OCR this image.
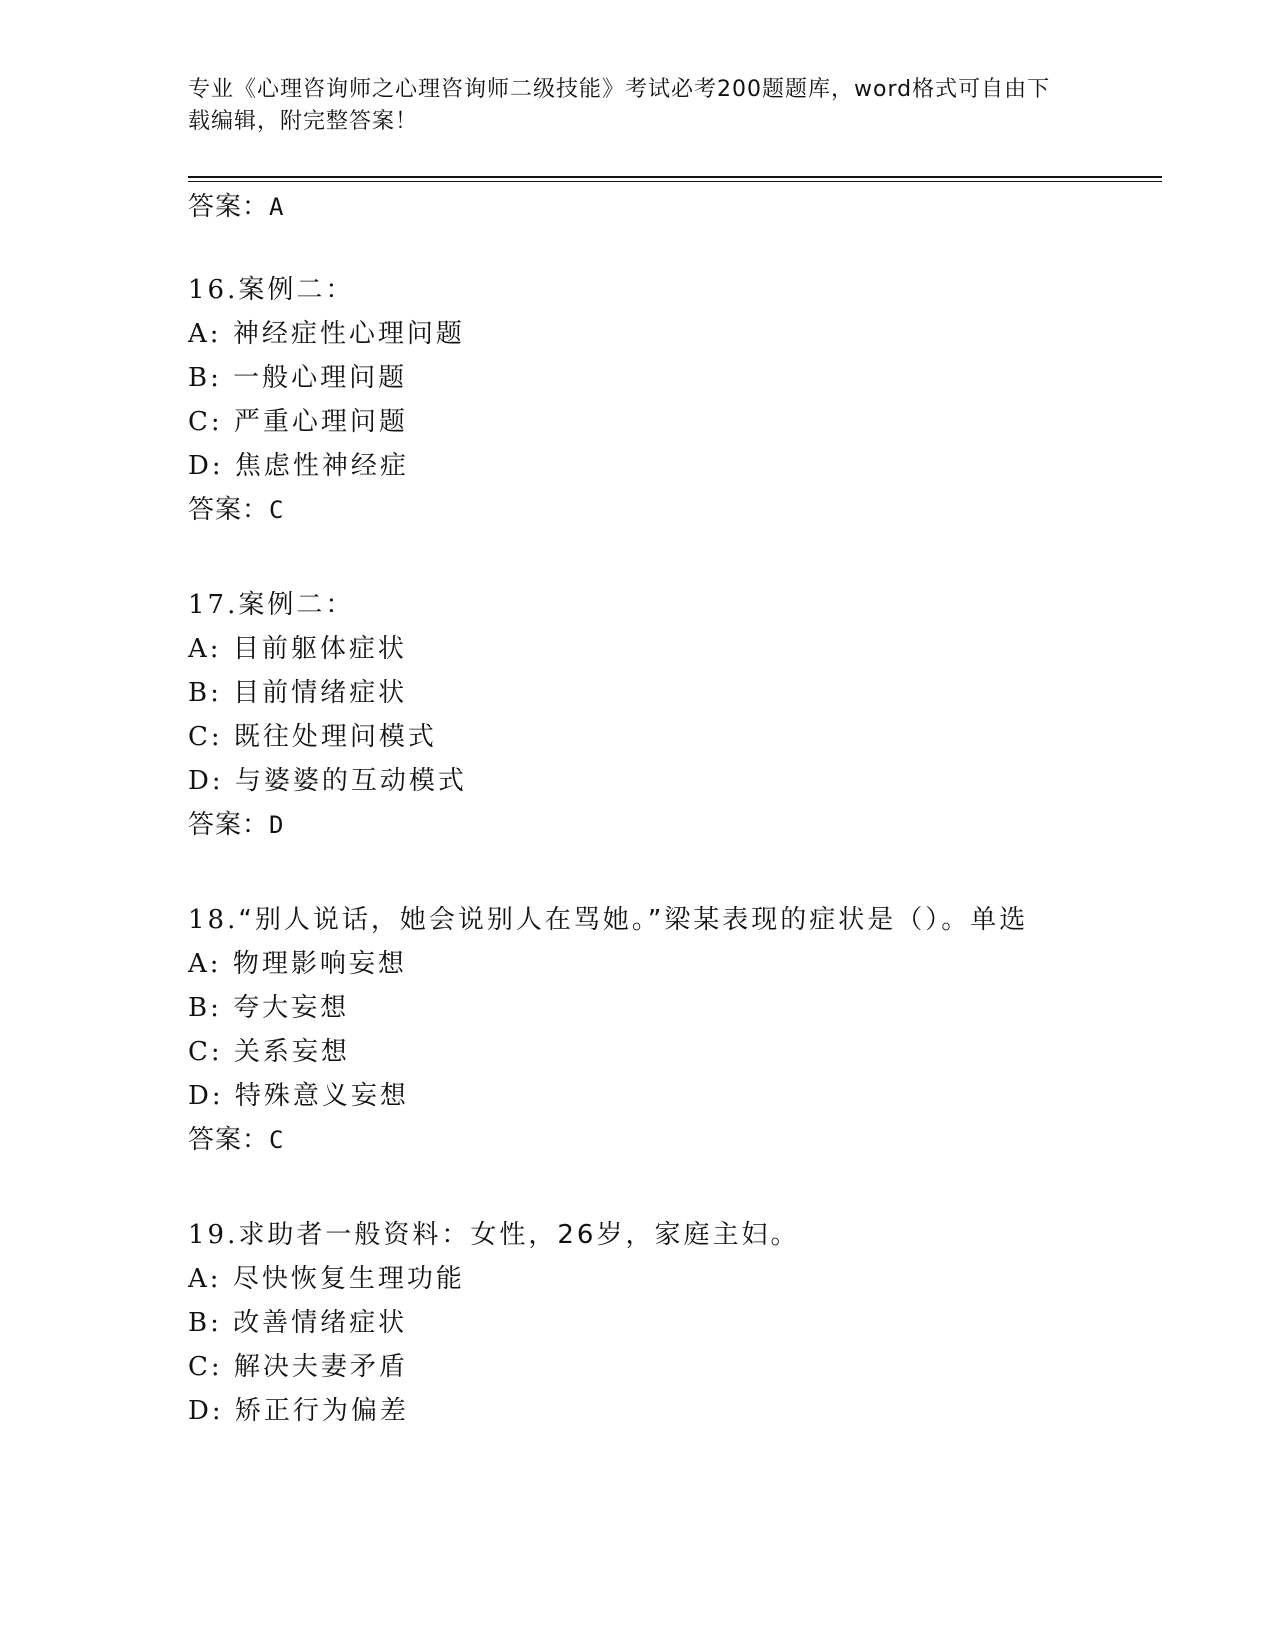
专业《心理咨询师之心理咨询师二级技能》考试必考200题题库，word格式可自由下载编辑，附完整答案！
答案：A
16.案例二：
A: 神经症性心理问题
B: 一般心理问题
C: 严重心理问题
D: 焦虑性神经症
答案：C
17.案例二：
A: 目前躯体症状
B: 目前情绪症状
C: 既往处理问模式
D: 与婆婆的互动模式
答案：D
18.“别人说话，她会说别人在骂她。”梁某表现的症状是（）。单选
A: 物理影响妄想
B: 夸大妄想
C: 关系妄想
D: 特殊意义妄想
答案：C
19.求助者一般资料：女性，26岁，家庭主妇。
A: 尽快恢复生理功能
B: 改善情绪症状
C: 解决夫妻矛盾
D: 矫正行为偏差
